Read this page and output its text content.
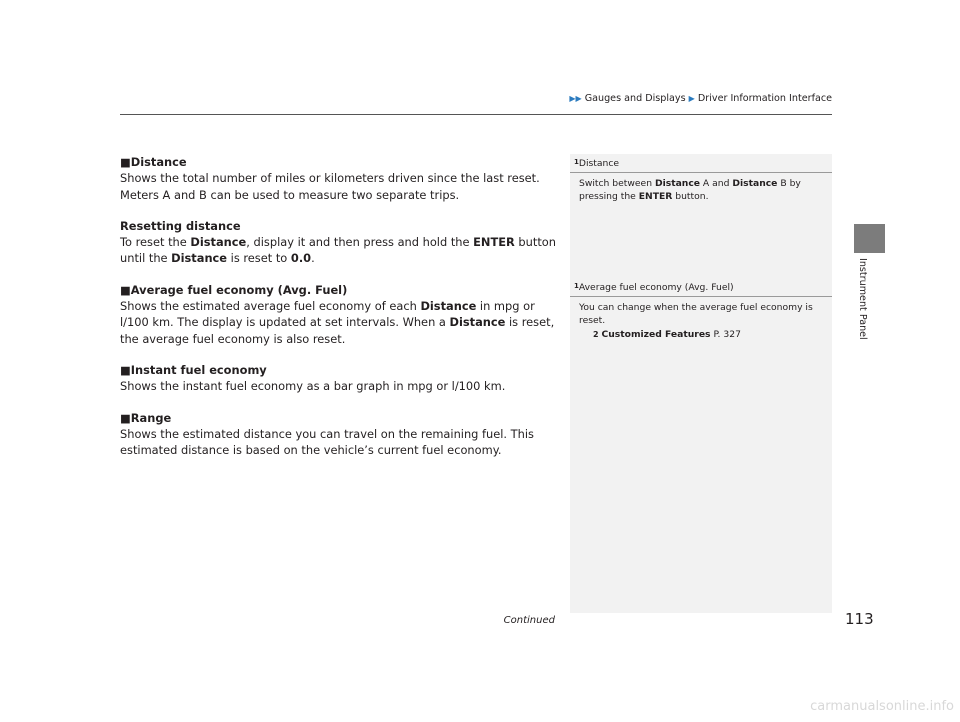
▶▶ Gauges and Displays ▶ Driver Information Interface

■Distance

Shows the total number of miles or kilometers driven since the last reset. Meters A and B can be used to measure two separate trips.

Resetting distance

To reset the Distance, display it and then press and hold the ENTER button until the Distance is reset to 0.0.

■Average fuel economy (Avg. Fuel)

Shows the estimated average fuel economy of each Distance in mpg or l/100 km. The display is updated at set intervals. When a Distance is reset, the average fuel economy is also reset.

■Instant fuel economy

Shows the instant fuel economy as a bar graph in mpg or l/100 km.

■Range

Shows the estimated distance you can travel on the remaining fuel. This estimated distance is based on the vehicle’s current fuel economy.

$^1$Distance
Switch between Distance A and Distance B by pressing the ENTER button.
$^1$Average fuel economy (Avg. Fuel)
You can change when the average fuel economy is reset.
2 Customized Features P. 327
Continued
Instrument Panel
113
carmanualsonline.info
